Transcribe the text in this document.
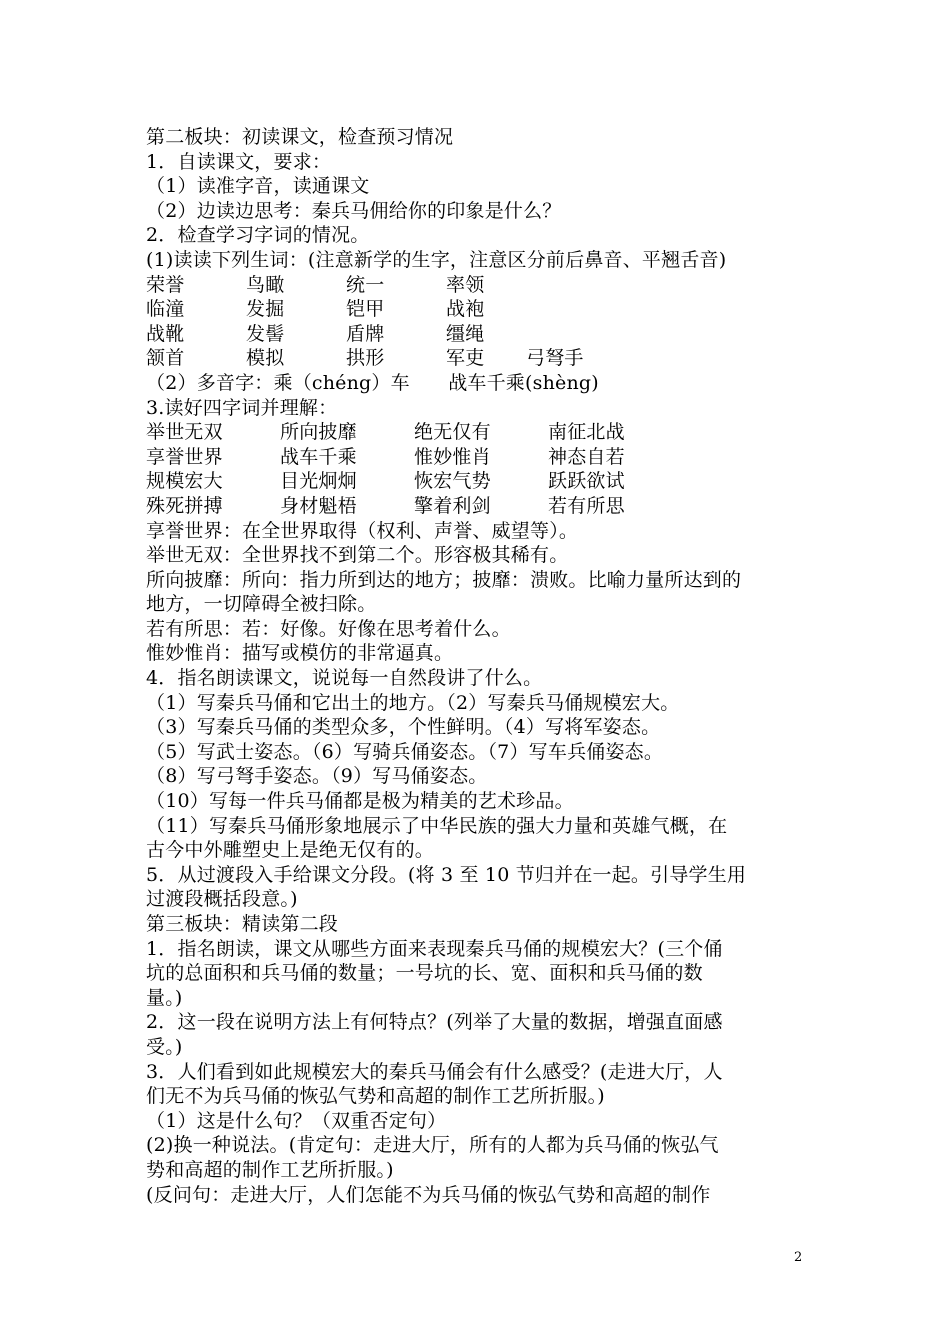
第二板块：初读课文，检查预习情况
1．自读课文，要求：
（1）读准字音，读通课文
（2）边读边思考：秦兵马佣给你的印象是什么？
2．检查学习字词的情况。
(1)读读下列生词：(注意新学的生字，注意区分前后鼻音、平翘舌音)
荣誉	鸟瞰	统一	率领
临潼	发掘	铠甲	战袍
战靴	发髻	盾牌	缰绳
颔首	模拟	拱形	军吏	弓弩手
（2）多音字：乘（chéng）车　　战车千乘(shèng)
3.读好四字词并理解：
举世无双	所向披靡	绝无仅有	南征北战
享誉世界	战车千乘	惟妙惟肖	神态自若
规模宏大	目光炯炯	恢宏气势	跃跃欲试
殊死拼搏	身材魁梧	擎着利剑	若有所思
享誉世界：在全世界取得（权利、声誉、威望等）。
举世无双：全世界找不到第二个。形容极其稀有。
所向披靡：所向：指力所到达的地方；披靡：溃败。比喻力量所达到的
地方，一切障碍全被扫除。
若有所思：若：好像。好像在思考着什么。
惟妙惟肖：描写或模仿的非常逼真。
4．指名朗读课文，说说每一自然段讲了什么。
（1）写秦兵马俑和它出土的地方。（2）写秦兵马俑规模宏大。
（3）写秦兵马俑的类型众多，个性鲜明。（4）写将军姿态。
（5）写武士姿态。（6）写骑兵俑姿态。（7）写车兵俑姿态。
（8）写弓弩手姿态。（9）写马俑姿态。
（10）写每一件兵马俑都是极为精美的艺术珍品。
（11）写秦兵马俑形象地展示了中华民族的强大力量和英雄气概，在
古今中外雕塑史上是绝无仅有的。
5．从过渡段入手给课文分段。(将 3 至 10 节归并在一起。引导学生用
过渡段概括段意。)
第三板块：精读第二段
1．指名朗读，课文从哪些方面来表现秦兵马俑的规模宏大？(三个俑
坑的总面积和兵马俑的数量；一号坑的长、宽、面积和兵马俑的数
量。)
2．这一段在说明方法上有何特点？(列举了大量的数据，增强直面感
受。)
3．人们看到如此规模宏大的秦兵马俑会有什么感受？(走进大厅，人
们无不为兵马俑的恢弘气势和高超的制作工艺所折服。)
（1）这是什么句？（双重否定句）
(2)换一种说法。(肯定句：走进大厅，所有的人都为兵马俑的恢弘气
势和高超的制作工艺所折服。)
(反问句：走进大厅，人们怎能不为兵马俑的恢弘气势和高超的制作
2
